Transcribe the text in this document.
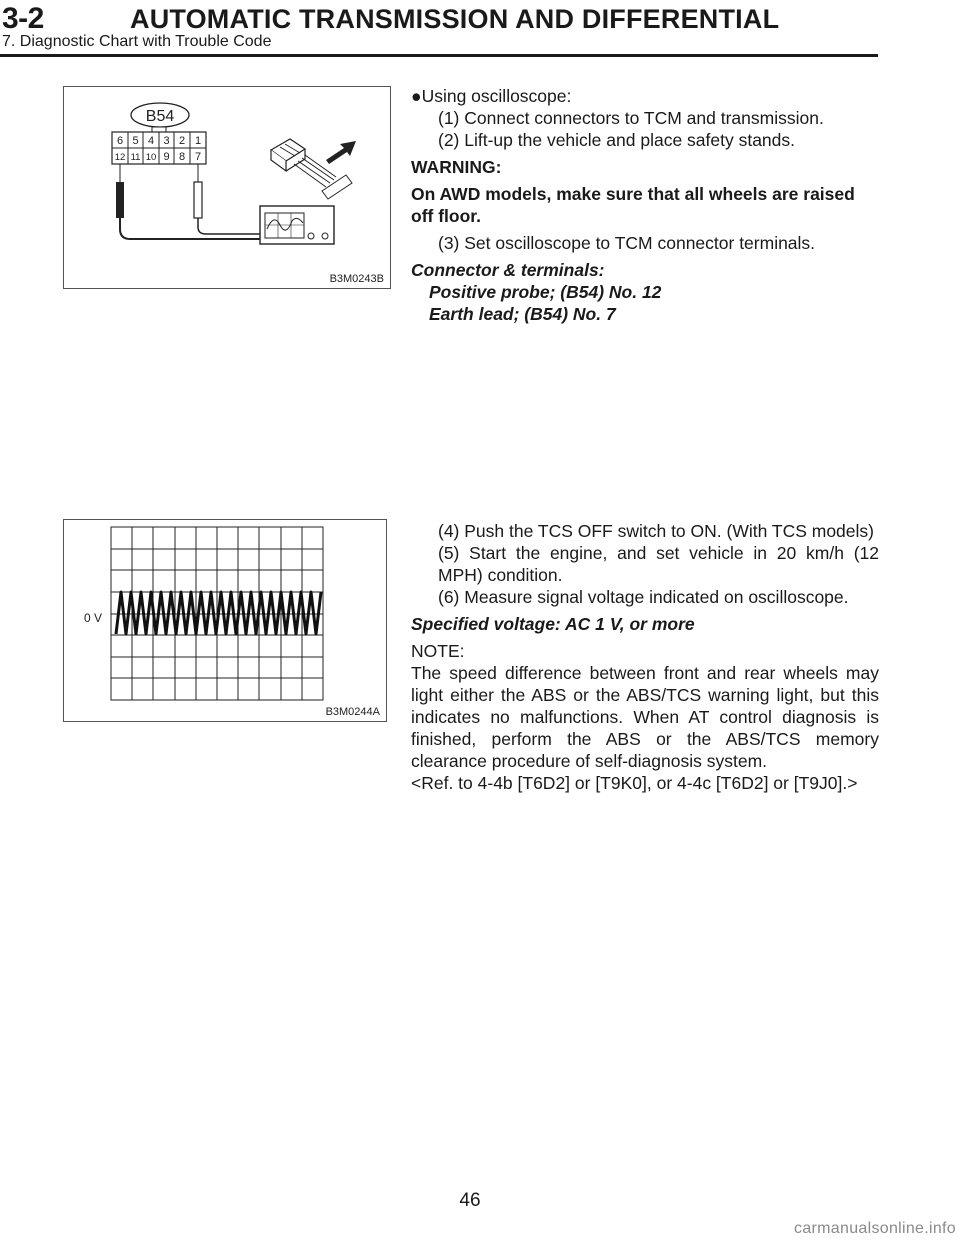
3-2	AUTOMATIC TRANSMISSION AND DIFFERENTIAL
7. Diagnostic Chart with Trouble Code
B54
6 5 4 3 2 1
12 11 10 9 8 7
B3M0243B
0 V
B3M0244A

●Using oscilloscope:

(1) Connect connectors to TCM and transmission.

(2) Lift-up the vehicle and place safety stands.

WARNING:

On AWD models, make sure that all wheels are raised off floor.

(3) Set oscilloscope to TCM connector terminals.

Connector & terminals:

Positive probe; (B54) No. 12

Earth lead; (B54) No. 7

(4) Push the TCS OFF switch to ON. (With TCS models)

(5) Start the engine, and set vehicle in 20 km/h (12 MPH) condition.

(6) Measure signal voltage indicated on oscilloscope.

Specified voltage: AC 1 V, or more

NOTE:

The speed difference between front and rear wheels may light either the ABS or the ABS/TCS warning light, but this indicates no malfunctions. When AT control diagnosis is finished, perform the ABS or the ABS/TCS memory clearance procedure of self-diagnosis system.

<Ref. to 4-4b [T6D2] or [T9K0], or 4-4c [T6D2] or [T9J0].>

46
carmanualsonline.info
